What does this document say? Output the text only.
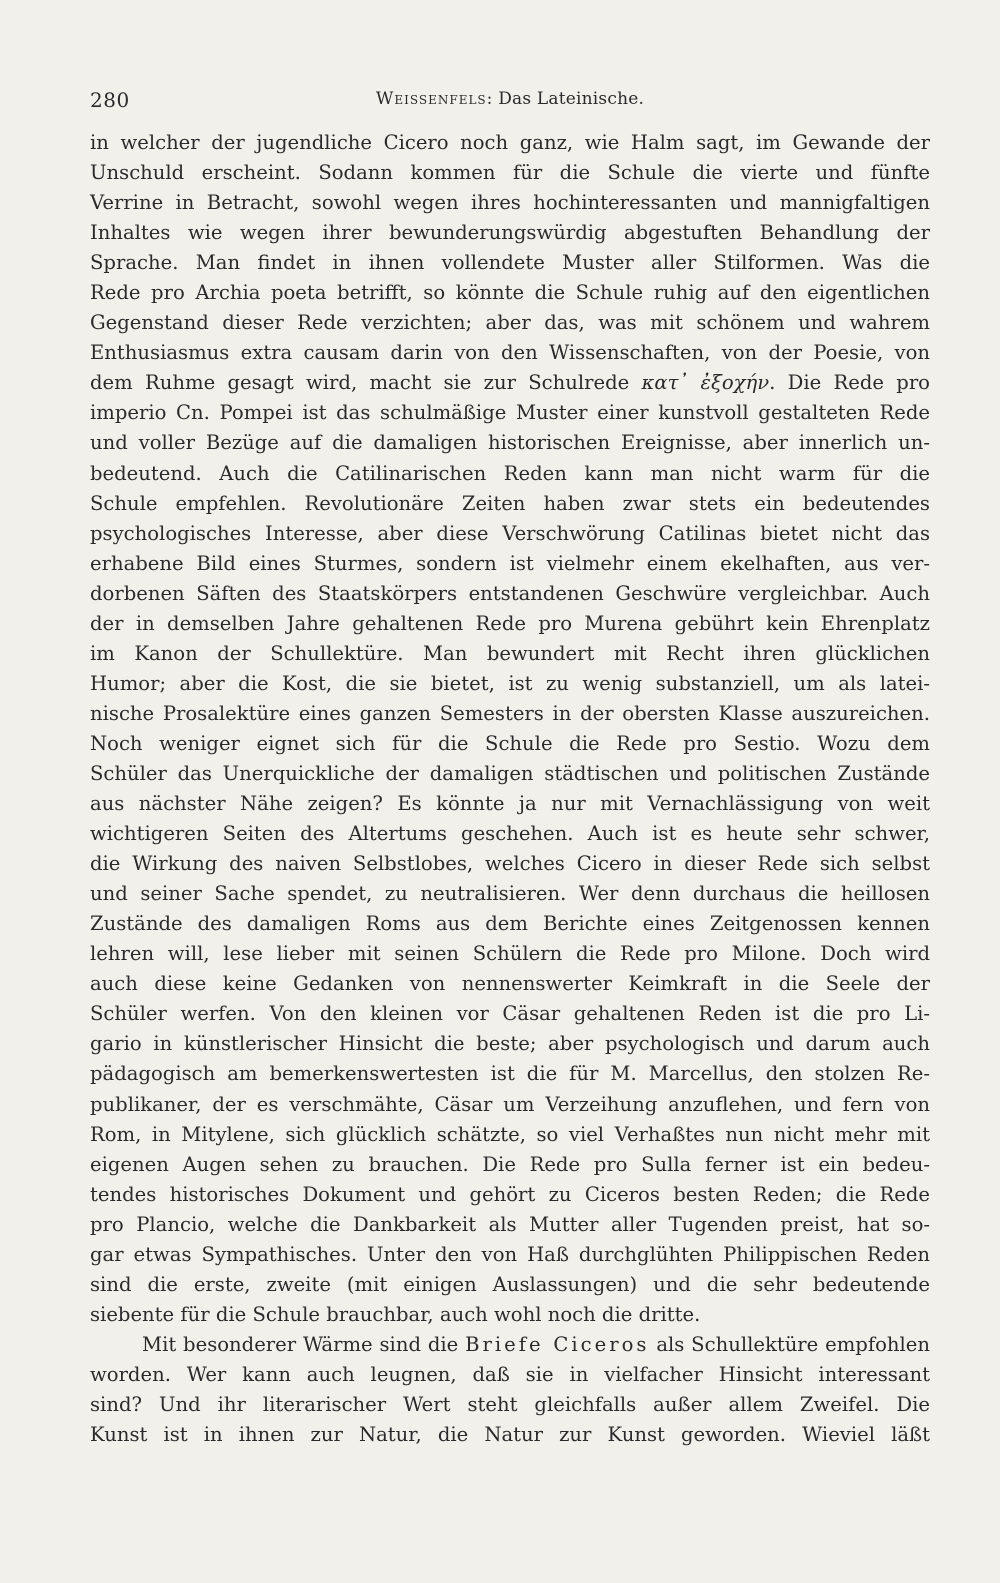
280	Weissenfels: Das Lateinische.
in welcher der jugendliche Cicero noch ganz, wie Halm sagt, im Gewande der
Unschuld erscheint. Sodann kommen für die Schule die vierte und fünfte
Verrine in Betracht, sowohl wegen ihres hochinteressanten und mannigfaltigen
Inhaltes wie wegen ihrer bewunderungswürdig abgestuften Behandlung der
Sprache. Man findet in ihnen vollendete Muster aller Stilformen. Was die
Rede pro Archia poeta betrifft, so könnte die Schule ruhig auf den eigentlichen
Gegenstand dieser Rede verzichten; aber das, was mit schönem und wahrem
Enthusiasmus extra causam darin von den Wissenschaften, von der Poesie, von
dem Ruhme gesagt wird, macht sie zur Schulrede κατ᾽ ἐξοχήν. Die Rede pro
imperio Cn. Pompei ist das schulmäßige Muster einer kunstvoll gestalteten Rede
und voller Bezüge auf die damaligen historischen Ereignisse, aber innerlich un-
bedeutend. Auch die Catilinarischen Reden kann man nicht warm für die
Schule empfehlen. Revolutionäre Zeiten haben zwar stets ein bedeutendes
psychologisches Interesse, aber diese Verschwörung Catilinas bietet nicht das
erhabene Bild eines Sturmes, sondern ist vielmehr einem ekelhaften, aus ver-
dorbenen Säften des Staatskörpers entstandenen Geschwüre vergleichbar. Auch
der in demselben Jahre gehaltenen Rede pro Murena gebührt kein Ehrenplatz
im Kanon der Schullektüre. Man bewundert mit Recht ihren glücklichen
Humor; aber die Kost, die sie bietet, ist zu wenig substanziell, um als latei-
nische Prosalektüre eines ganzen Semesters in der obersten Klasse auszureichen.
Noch weniger eignet sich für die Schule die Rede pro Sestio. Wozu dem
Schüler das Unerquickliche der damaligen städtischen und politischen Zustände
aus nächster Nähe zeigen? Es könnte ja nur mit Vernachlässigung von weit
wichtigeren Seiten des Altertums geschehen. Auch ist es heute sehr schwer,
die Wirkung des naiven Selbstlobes, welches Cicero in dieser Rede sich selbst
und seiner Sache spendet, zu neutralisieren. Wer denn durchaus die heillosen
Zustände des damaligen Roms aus dem Berichte eines Zeitgenossen kennen
lehren will, lese lieber mit seinen Schülern die Rede pro Milone. Doch wird
auch diese keine Gedanken von nennenswerter Keimkraft in die Seele der
Schüler werfen. Von den kleinen vor Cäsar gehaltenen Reden ist die pro Li-
gario in künstlerischer Hinsicht die beste; aber psychologisch und darum auch
pädagogisch am bemerkenswertesten ist die für M. Marcellus, den stolzen Re-
publikaner, der es verschmähte, Cäsar um Verzeihung anzuflehen, und fern von
Rom, in Mitylene, sich glücklich schätzte, so viel Verhaßtes nun nicht mehr mit
eigenen Augen sehen zu brauchen. Die Rede pro Sulla ferner ist ein bedeu-
tendes historisches Dokument und gehört zu Ciceros besten Reden; die Rede
pro Plancio, welche die Dankbarkeit als Mutter aller Tugenden preist, hat so-
gar etwas Sympathisches. Unter den von Haß durchglühten Philippischen Reden
sind die erste, zweite (mit einigen Auslassungen) und die sehr bedeutende
siebente für die Schule brauchbar, auch wohl noch die dritte.
Mit besonderer Wärme sind die Briefe Ciceros als Schullektüre empfohlen
worden. Wer kann auch leugnen, daß sie in vielfacher Hinsicht interessant
sind? Und ihr literarischer Wert steht gleichfalls außer allem Zweifel. Die
Kunst ist in ihnen zur Natur, die Natur zur Kunst geworden. Wieviel läßt
